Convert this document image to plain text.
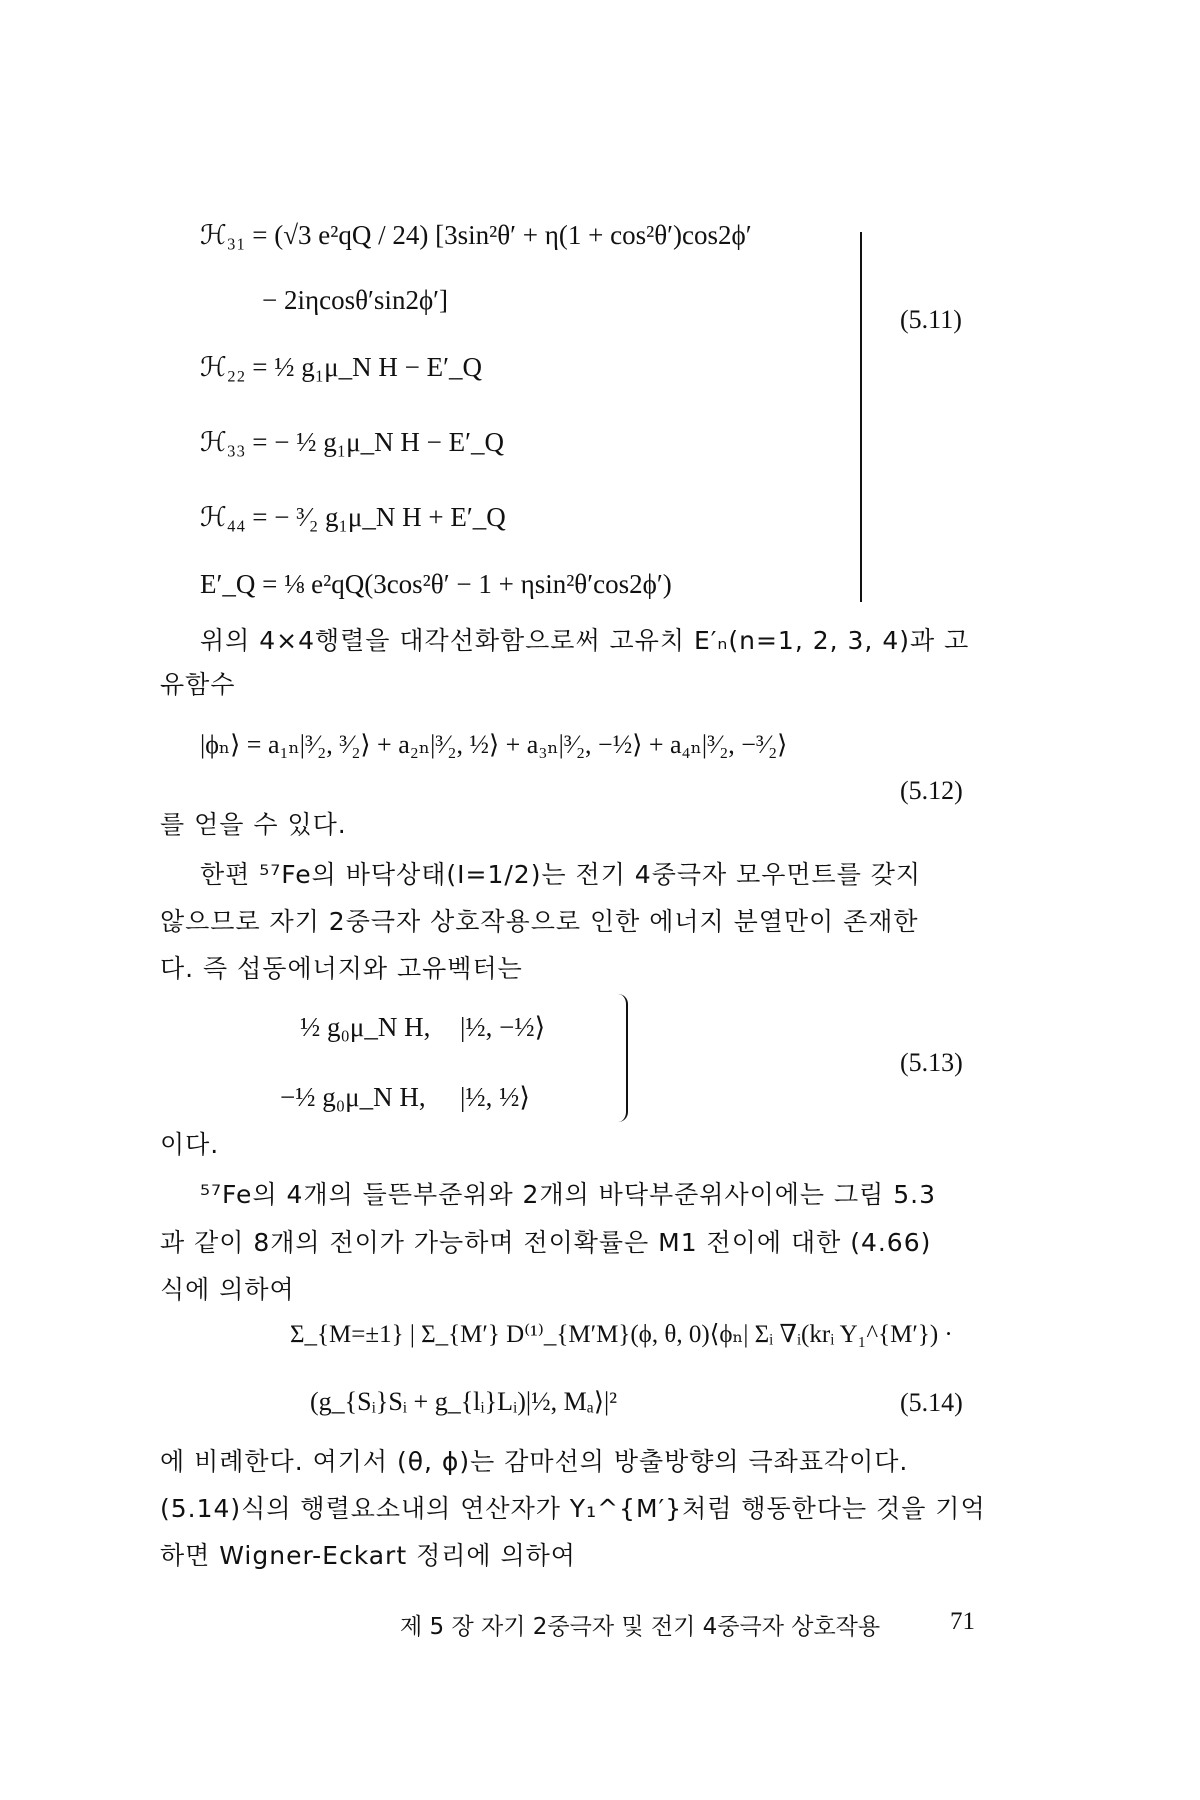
ℋ₃₁ = (√3 e²qQ / 24) [3sin²θ′ + η(1 + cos²θ′)cos2ϕ′
− 2iηcosθ′sin2ϕ′]
ℋ₂₂ = ½ g₁μ_N H − E′_Q
ℋ₃₃ = − ½ g₁μ_N H − E′_Q
ℋ₄₄ = − ³⁄₂ g₁μ_N H + E′_Q
E′_Q = ⅛ e²qQ(3cos²θ′ − 1 + ηsin²θ′cos2ϕ′)
(5.11)
위의 4×4행렬을 대각선화함으로써 고유치 E′ₙ(n=1, 2, 3, 4)과 고
유함수
|ϕₙ⟩ = a₁ₙ|³⁄₂, ³⁄₂⟩ + a₂ₙ|³⁄₂, ½⟩ + a₃ₙ|³⁄₂, −½⟩ + a₄ₙ|³⁄₂, −³⁄₂⟩
(5.12)
를 얻을 수 있다.
한편 ⁵⁷Fe의 바닥상태(I=1/2)는 전기 4중극자 모우먼트를 갖지
않으므로 자기 2중극자 상호작용으로 인한 에너지 분열만이 존재한
다. 즉 섭동에너지와 고유벡터는
½ g₀μ_N H, |½, −½⟩
−½ g₀μ_N H, |½, ½⟩
(5.13)
이다.
⁵⁷Fe의 4개의 들뜬부준위와 2개의 바닥부준위사이에는 그림 5.3
과 같이 8개의 전이가 가능하며 전이확률은 M1 전이에 대한 (4.66)
식에 의하여
Σ_{M=±1} | Σ_{M′} D⁽¹⁾_{M′M}(ϕ, θ, 0)⟨ϕₙ| Σᵢ ∇ᵢ(krᵢ Y₁^{M′}) ·
(g_{Sᵢ}Sᵢ + g_{lᵢ}Lᵢ)|½, Mₐ⟩|²	(5.14)
에 비례한다. 여기서 (θ, ϕ)는 감마선의 방출방향의 극좌표각이다.
(5.14)식의 행렬요소내의 연산자가 Y₁^{M′}처럼 행동한다는 것을 기억
하면 Wigner-Eckart 정리에 의하여
제 5 장 자기 2중극자 및 전기 4중극자 상호작용	71
